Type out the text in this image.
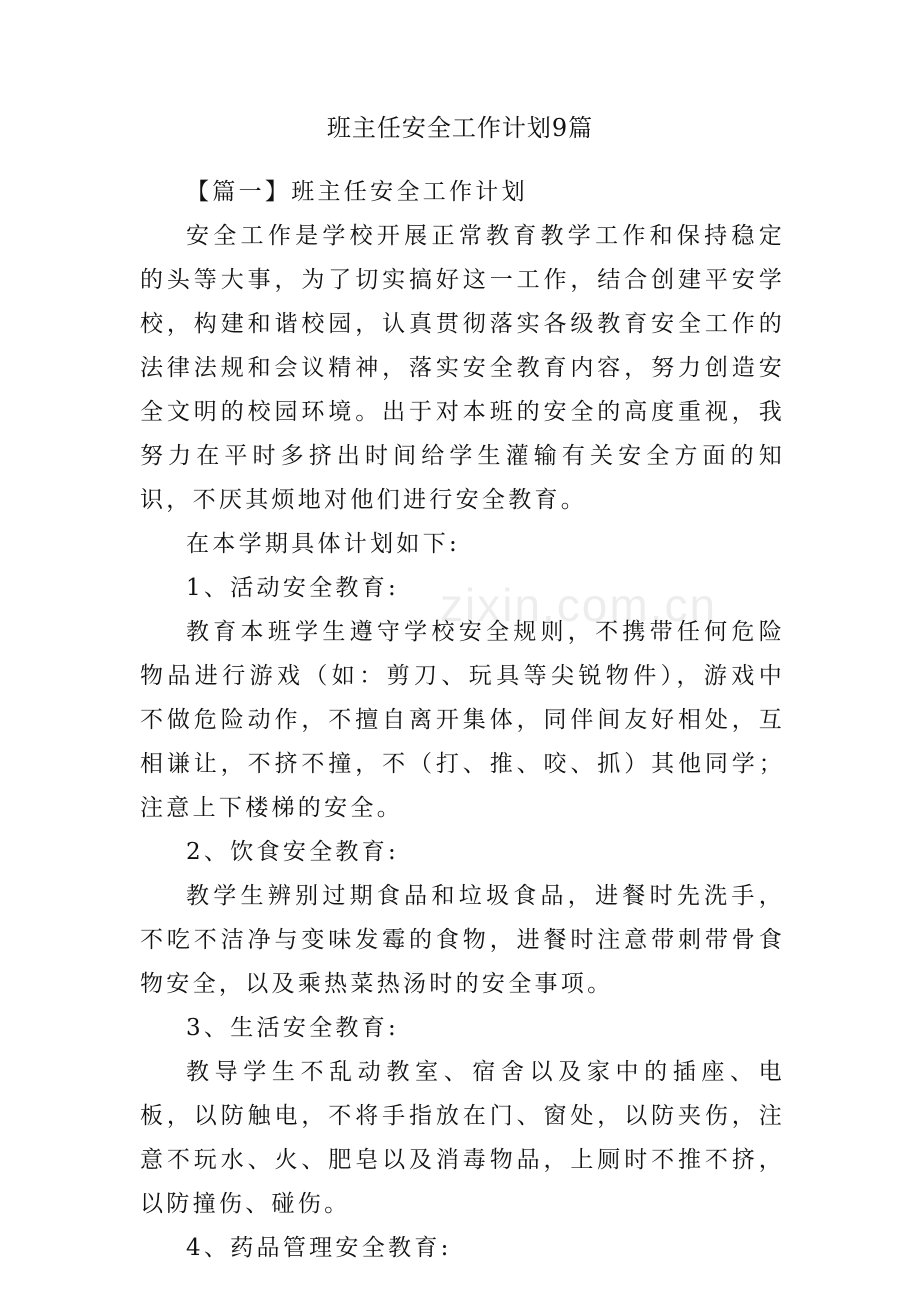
zixin.com.cn
班主任安全工作计划9篇

【篇一】班主任安全工作计划

安全工作是学校开展正常教育教学工作和保持稳定的头等大事，为了切实搞好这一工作，结合创建平安学校，构建和谐校园，认真贯彻落实各级教育安全工作的法律法规和会议精神，落实安全教育内容，努力创造安全文明的校园环境。出于对本班的安全的高度重视，我努力在平时多挤出时间给学生灌输有关安全方面的知识，不厌其烦地对他们进行安全教育。

在本学期具体计划如下:

1、活动安全教育:

教育本班学生遵守学校安全规则，不携带任何危险物品进行游戏（如：剪刀、玩具等尖锐物件），游戏中不做危险动作，不擅自离开集体，同伴间友好相处，互相谦让，不挤不撞，不（打、推、咬、抓）其他同学；注意上下楼梯的安全。

2、饮食安全教育:

教学生辨别过期食品和垃圾食品，进餐时先洗手，不吃不洁净与变味发霉的食物，进餐时注意带刺带骨食物安全，以及乘热菜热汤时的安全事项。

3、生活安全教育:

教导学生不乱动教室、宿舍以及家中的插座、电板，以防触电，不将手指放在门、窗处，以防夹伤，注意不玩水、火、肥皂以及消毒物品，上厕时不推不挤，以防撞伤、碰伤。

4、药品管理安全教育:
